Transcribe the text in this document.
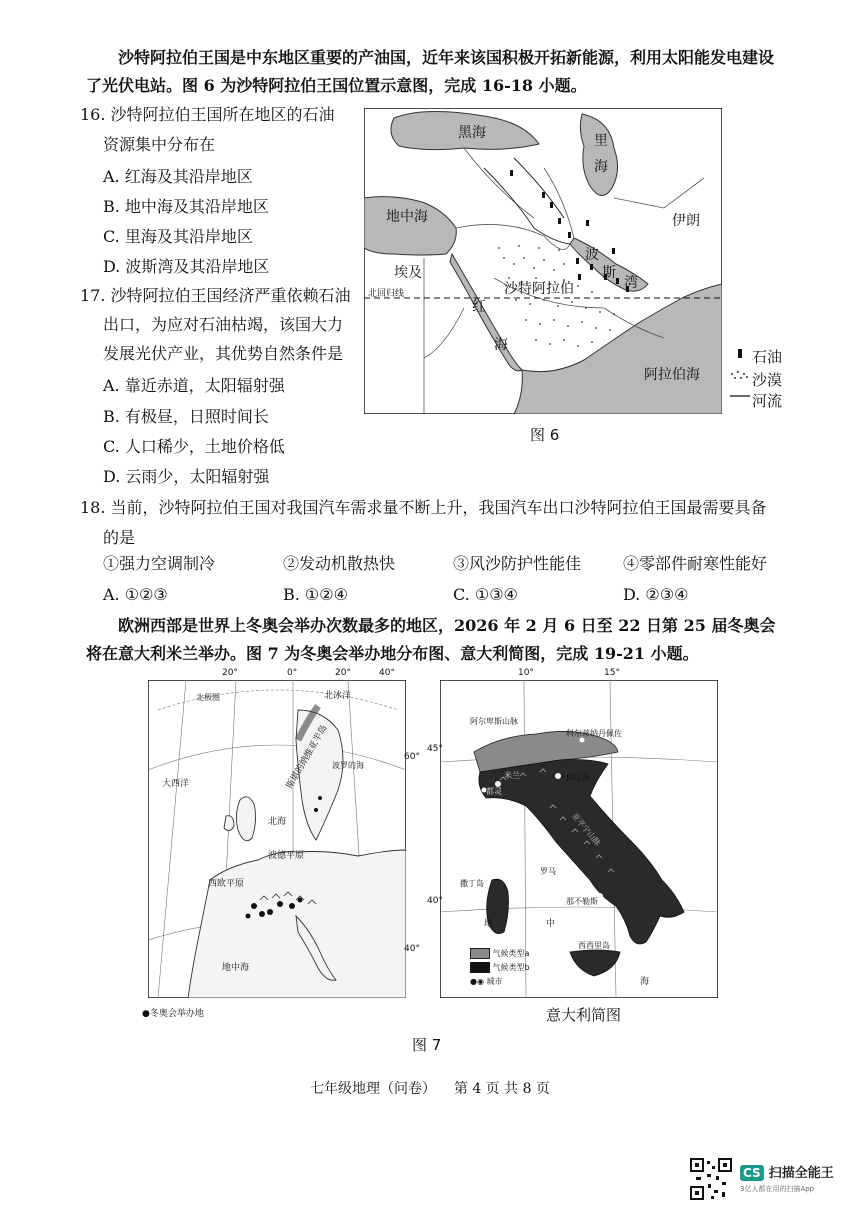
沙特阿拉伯王国是中东地区重要的产油国，近年来该国积极开拓新能源，利用太阳能发电建设了光伏电站。图 6 为沙特阿拉伯王国位置示意图，完成 16-18 小题。
16. 沙特阿拉伯王国所在地区的石油
资源集中分布在
A. 红海及其沿岸地区
B. 地中海及其沿岸地区
C. 里海及其沿岸地区
D. 波斯湾及其沿岸地区
17. 沙特阿拉伯王国经济严重依赖石油
出口，为应对石油枯竭，该国大力
发展光伏产业，其优势自然条件是
A. 靠近赤道，太阳辐射强
B. 有极昼，日照时间长
C. 人口稀少，土地价格低
D. 云雨少，太阳辐射强
黑海	里
海
伊朗
地中海
埃及
沙特阿拉伯
北回归线
红
海
阿拉伯海
波
斯
湾
石油
沙漠
河流
图 6
18. 当前，沙特阿拉伯王国对我国汽车需求量不断上升，我国汽车出口沙特阿拉伯王国最需要具备
的是
①强力空调制冷	②发动机散热快	③风沙防护性能佳	④零部件耐寒性能好
A. ①②③	B. ①②④	C. ①③④	D. ②③④
欧洲西部是世界上冬奥会举办次数最多的地区，2026 年 2 月 6 日至 22 日第 25 届冬奥会将在意大利米兰举办。图 7 为冬奥会举办地分布图、意大利简图，完成 19-21 小题。
20°	0°	20°	40°
60°
40°
北冰洋
北极圈
斯堪的纳维亚半岛 波罗的海
大西洋
北海
波德平原
西欧平原
地中海
●冬奥会举办地
10°	15°
45°
40°
阿尔卑斯山脉
科尔蒂纳丹佩佐
米兰
都灵
威尼斯
亚平宁山脉
罗马
那不勒斯
撒丁岛
西西里岛
地	中
海
气候类型a
气候类型b
●◉ 城市
意大利简图
图 7
七年级地理（问卷）    第 4 页 共 8 页
CS 扫描全能王
3亿人都在用的扫描App
